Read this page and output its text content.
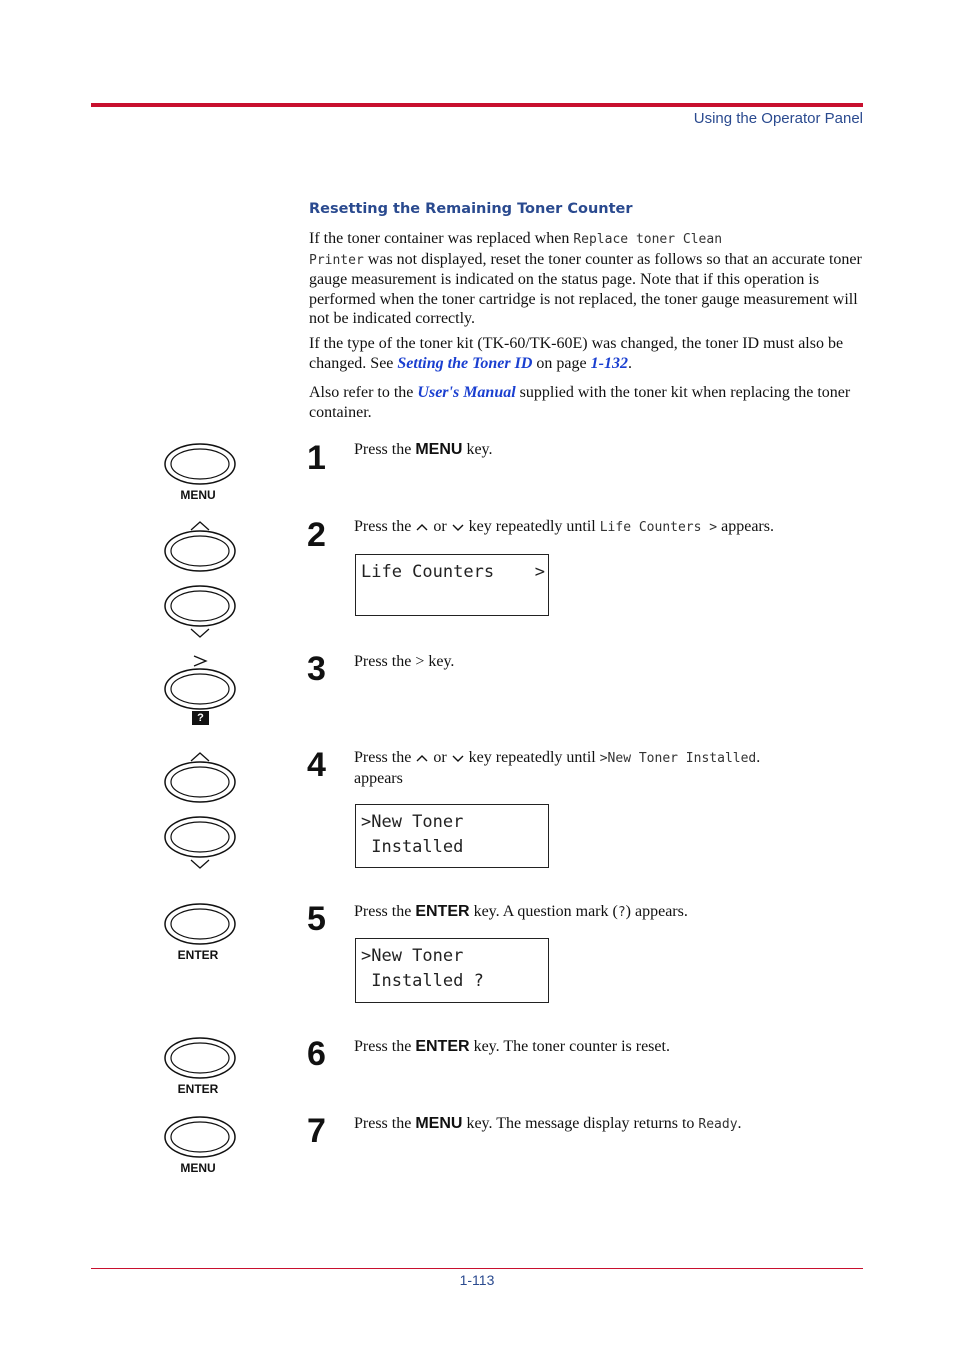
Using the Operator Panel
Resetting the Remaining Toner Counter

If the toner container was replaced when Replace toner Clean
Printer was not displayed, reset the toner counter as follows so that an accurate toner gauge measurement is indicated on the status page. Note that if this operation is performed when the toner cartridge is not replaced, the toner gauge measurement will not be indicated correctly.

If the type of the toner kit (TK-60/TK-60E) was changed, the toner ID must also be changed. See Setting the Toner ID on page 1-132.

Also refer to the User's Manual supplied with the toner kit when replacing the toner container.

MENU
?
ENTER
ENTER
MENU
1 Press the MENU key.
2 Press the  or  key repeatedly until Life Counters > appears.
Life Counters	>
3 Press the > key.
4 Press the  or  key repeatedly until >New Toner Installed.
appears
>New Toner
Installed
5 Press the ENTER key. A question mark (?) appears.
>New Toner
Installed ?
6 Press the ENTER key. The toner counter is reset.
7 Press the MENU key. The message display returns to Ready.
1-113
